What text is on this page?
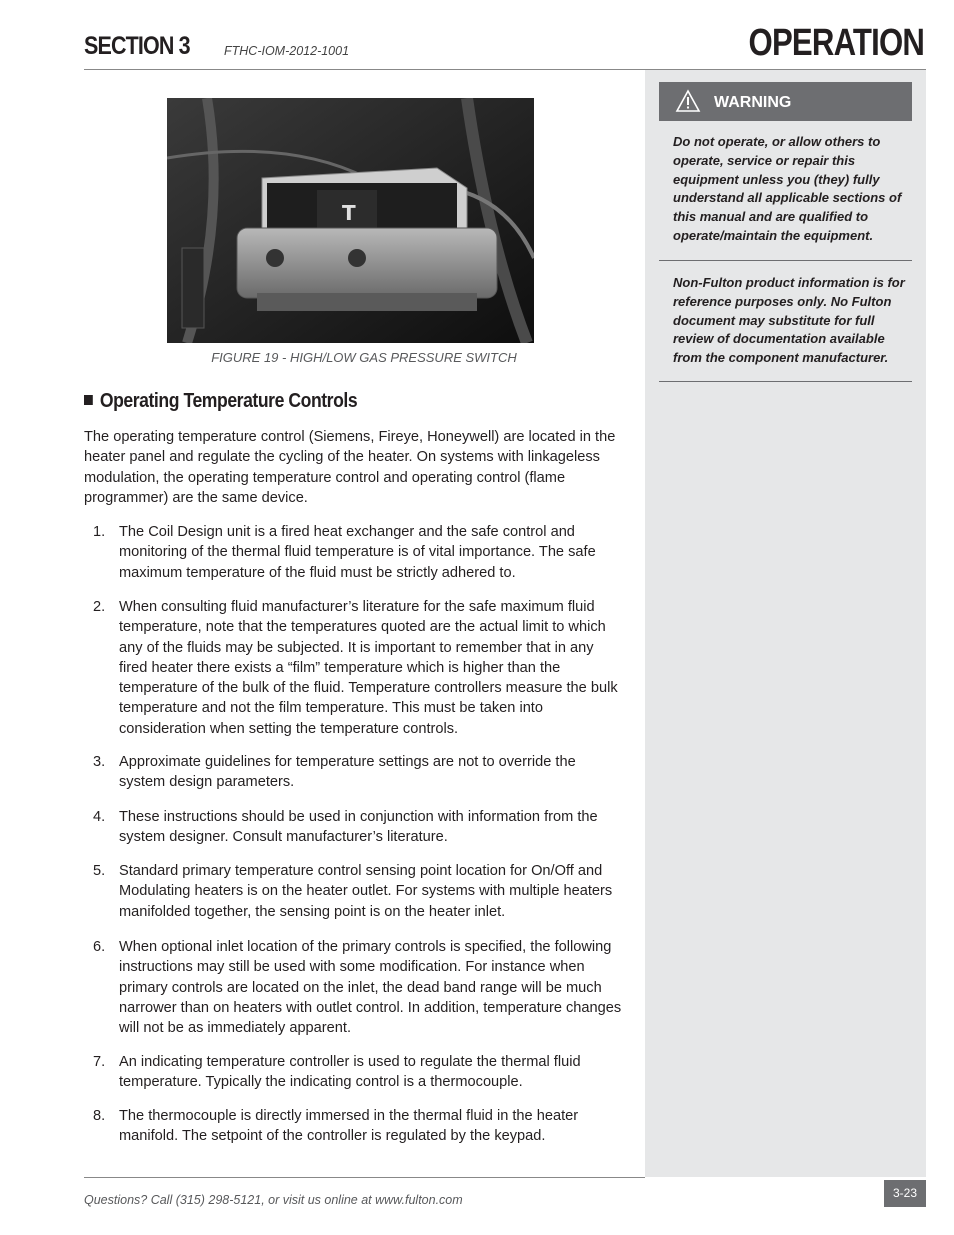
SECTION 3	FTHC-IOM-2012-1001	OPERATION
WARNING
Do not operate, or allow others to operate, service or repair this equipment unless you (they) fully understand all applicable sections of this manual and are qualified to operate/maintain the equipment.
Non-Fulton product information is for reference purposes only. No Fulton document may substitute for full review of documentation available from the component manufacturer.
T
FIGURE 19 - HIGH/LOW GAS PRESSURE SWITCH
Operating Temperature Controls
The operating temperature control (Siemens, Fireye, Honeywell) are located in the heater panel and regulate the cycling of the heater. On systems with linkageless modulation, the operating temperature control and operating control (flame programmer) are the same device.
1. The Coil Design unit is a fired heat exchanger and the safe control and monitoring of the thermal fluid temperature is of vital importance. The safe maximum temperature of the fluid must be strictly adhered to.
2. When consulting fluid manufacturer’s literature for the safe maximum fluid temperature, note that the temperatures quoted are the actual limit to which any of the fluids may be subjected. It is important to remember that in any fired heater there exists a “film” temperature which is higher than the temperature of the bulk of the fluid. Temperature controllers measure the bulk temperature and not the film temperature. This must be taken into consideration when setting the temperature controls.
3. Approximate guidelines for temperature settings are not to override the system design parameters.
4. These instructions should be used in conjunction with information from the system designer. Consult manufacturer’s literature.
5. Standard primary temperature control sensing point location for On/Off and Modulating heaters is on the heater outlet. For systems with multiple heaters manifolded together, the sensing point is on the heater inlet.
6. When optional inlet location of the primary controls is specified, the following instructions may still be used with some modification. For instance when primary controls are located on the inlet, the dead band range will be much narrower than on heaters with outlet control. In addition, temperature changes will not be as immediately apparent.
7. An indicating temperature controller is used to regulate the thermal fluid temperature. Typically the indicating control is a thermocouple.
8. The thermocouple is directly immersed in the thermal fluid in the heater manifold. The setpoint of the controller is regulated by the keypad.
Questions? Call (315) 298-5121, or visit us online at www.fulton.com	3-23
